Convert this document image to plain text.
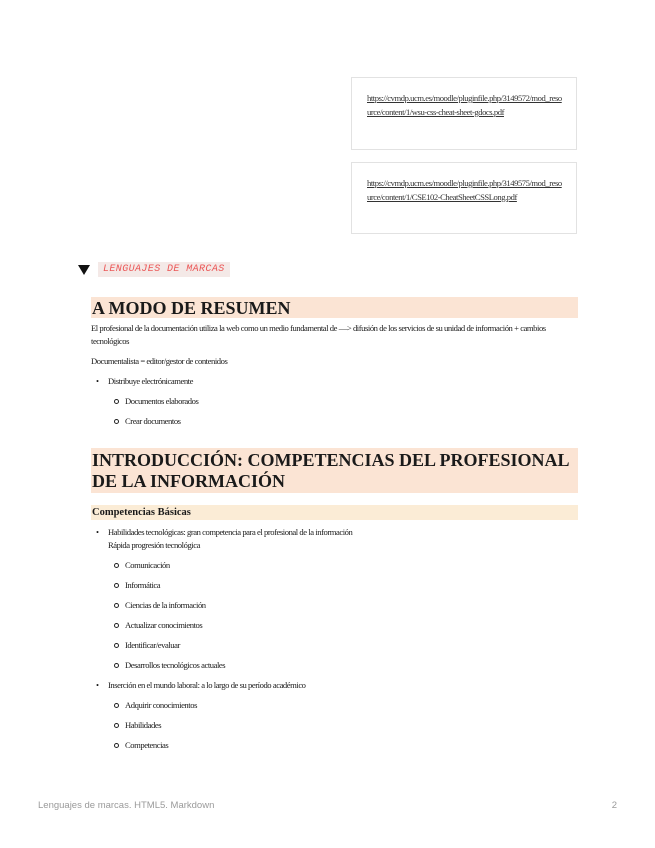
https://cvmdp.ucm.es/moodle/pluginfile.php/3149572/mod_resource/content/1/wsu-css-cheat-sheet-gdocs.pdf
https://cvmdp.ucm.es/moodle/pluginfile.php/3149575/mod_resource/content/1/CSE102-CheatSheetCSSLong.pdf
LENGUAJES DE MARCAS
A MODO DE RESUMEN

El profesional de la documentación utiliza la web como un medio fundamental de —> difusión de los servicios de su unidad de información + cambios tecnológicos

Documentalista = editor/gestor de contenidos

• Distribuye electrónicamente
Documentos elaborados
Crear documentos
INTRODUCCIÓN: COMPETENCIAS DEL PROFESIONAL DE LA INFORMACIÓN
Competencias Básicas
• Habilidades tecnológicas: gran competencia para el profesional de la información
Rápida progresión tecnológica
Comunicación
Informática
Ciencias de la información
Actualizar conocimientos
Identificar/evaluar
Desarrollos tecnológicos actuales
• Inserción en el mundo laboral: a lo largo de su período académico
Adquirir conocimientos
Habilidades
Competencias
Lenguajes de marcas. HTML5. Markdown	2
